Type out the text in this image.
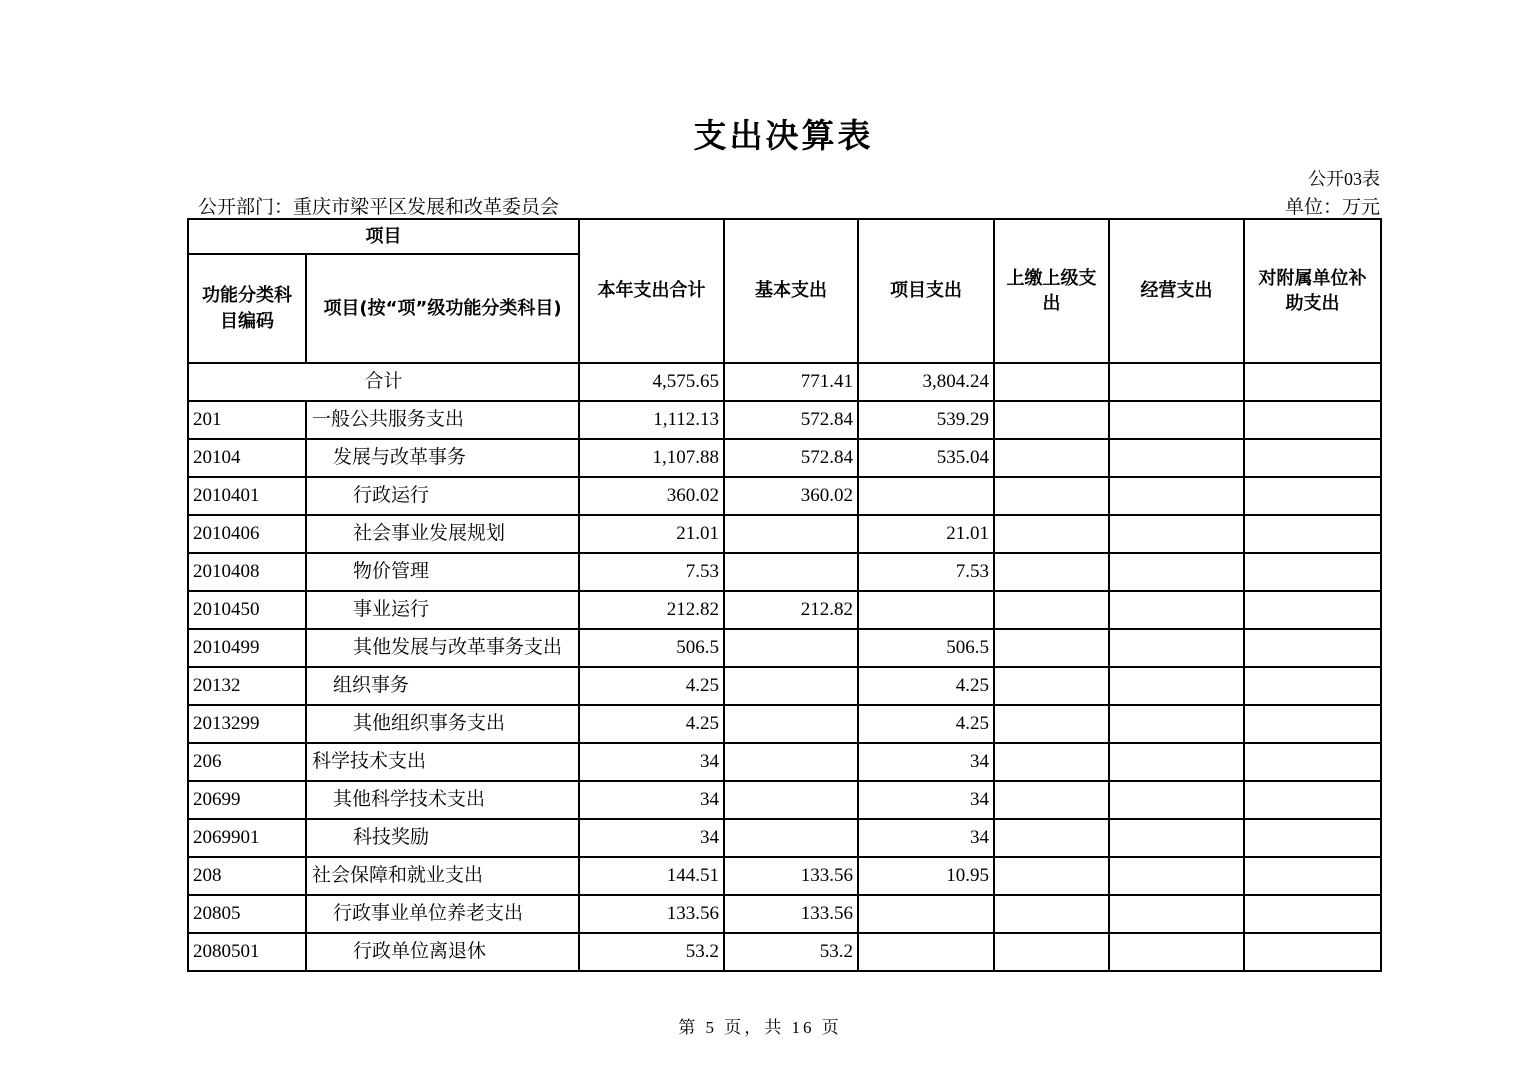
支出决算表
公开03表
公开部门：重庆市梁平区发展和改革委员会	单位：万元
项目		本年支出合计	基本支出	项目支出	上缴上级支出	经营支出	对附属单位补助支出
功能分类科目编码	项目(按“项”级功能分类科目)						
合计		4,575.65	771.41	3,804.24			
201	一般公共服务支出	1,112.13	572.84	539.29			
20104	发展与改革事务	1,107.88	572.84	535.04			
2010401	行政运行	360.02	360.02				
2010406	社会事业发展规划	21.01		21.01			
2010408	物价管理	7.53		7.53			
2010450	事业运行	212.82	212.82				
2010499	其他发展与改革事务支出	506.5		506.5			
20132	组织事务	4.25		4.25			
2013299	其他组织事务支出	4.25		4.25			
206	科学技术支出	34		34			
20699	其他科学技术支出	34		34			
2069901	科技奖励	34		34			
208	社会保障和就业支出	144.51	133.56	10.95			
20805	行政事业单位养老支出	133.56	133.56				
2080501	行政单位离退休	53.2	53.2				
第 5 页，共 16 页
